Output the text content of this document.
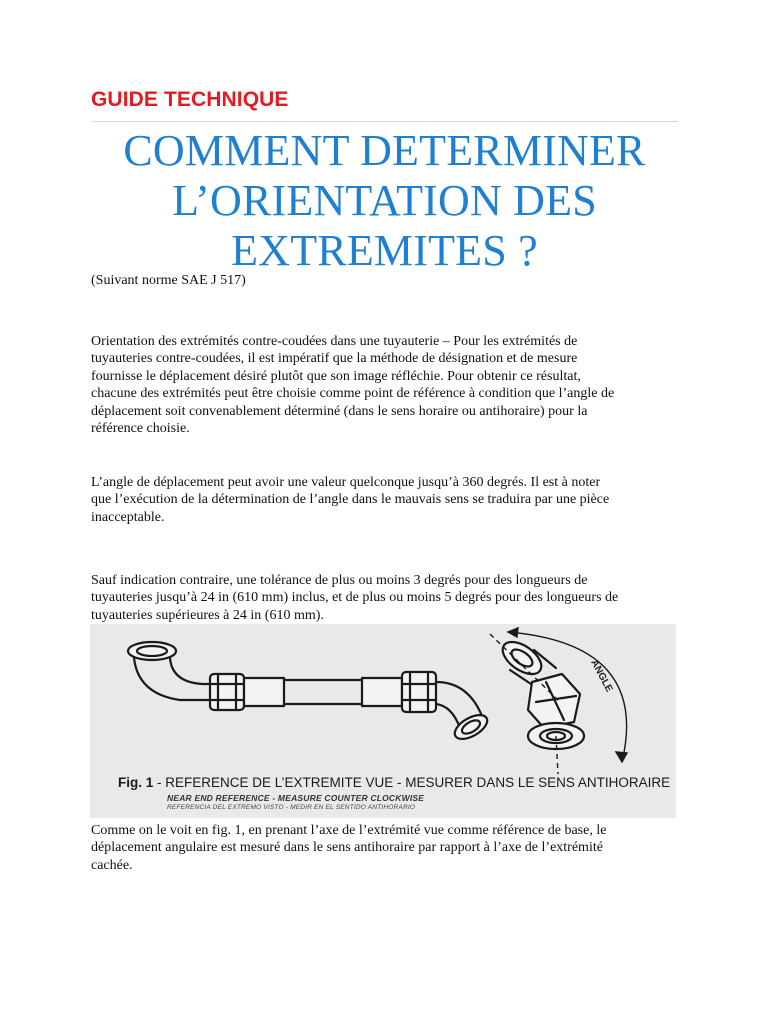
GUIDE TECHNIQUE
COMMENT DETERMINER
L’ORIENTATION DES
EXTREMITES ?
(Suivant norme SAE J 517)

Orientation des extrémités contre-coudées dans une tuyauterie – Pour les extrémités de
tuyauteries contre-coudées, il est impératif que la méthode de désignation et de mesure
fournisse le déplacement désiré plutôt que son image réfléchie. Pour obtenir ce résultat,
chacune des extrémités peut être choisie comme point de référence à condition que l’angle de
déplacement soit convenablement déterminé (dans le sens horaire ou antihoraire) pour la
référence choisie.

L’angle de déplacement peut avoir une valeur quelconque jusqu’à 360 degrés. Il est à noter
que l’exécution de la détermination de l’angle dans le mauvais sens se traduira par une pièce
inacceptable.

Sauf indication contraire, une tolérance de plus ou moins 3 degrés pour des longueurs de
tuyauteries jusqu’à 24 in (610 mm) inclus, et de plus ou moins 5 degrés pour des longueurs de
tuyauteries supérieures à 24 in (610 mm).

Comme on le voit en fig. 1, en prenant l’axe de l’extrémité vue comme référence de base, le
déplacement angulaire est mesuré dans le sens antihoraire par rapport à l’axe de l’extrémité
cachée.

ANGLE
Fig. 1 - REFERENCE DE L’EXTREMITE VUE - MESURER DANS LE SENS ANTIHORAIRE
NEAR END REFERENCE - MEASURE COUNTER CLOCKWISE
REFERENCIA DEL EXTREMO VISTO - MEDIR EN EL SENTIDO ANTIHORARIO
